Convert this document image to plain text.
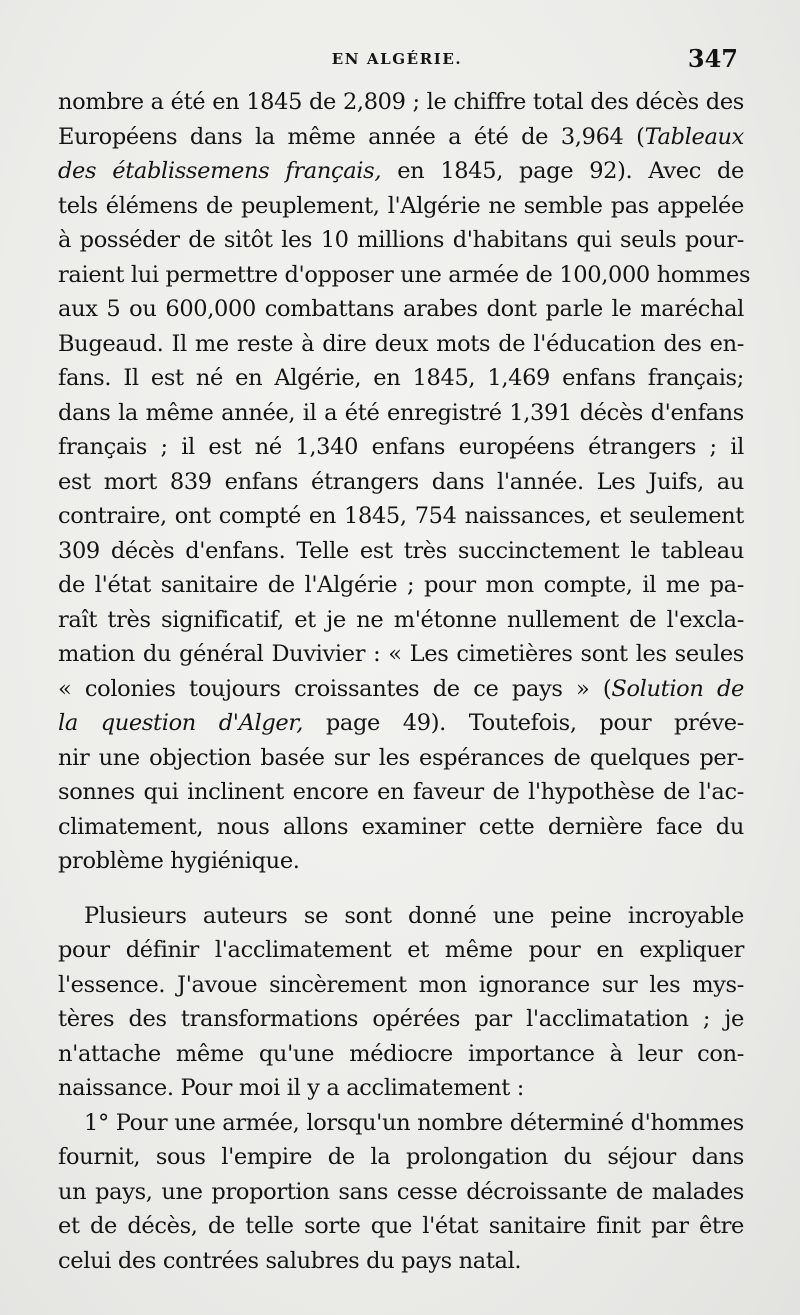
EN ALGÉRIE.	347
nombre a été en 1845 de 2,809 ; le chiffre total des décès des
Européens dans la même année a été de 3,964 (Tableaux
des établissemens français, en 1845, page 92). Avec de
tels élémens de peuplement, l'Algérie ne semble pas appelée
à posséder de sitôt les 10 millions d'habitans qui seuls pour-
raient lui permettre d'opposer une armée de 100,000 hommes
aux 5 ou 600,000 combattans arabes dont parle le maréchal
Bugeaud. Il me reste à dire deux mots de l'éducation des en-
fans. Il est né en Algérie, en 1845, 1,469 enfans français;
dans la même année, il a été enregistré 1,391 décès d'enfans
français ; il est né 1,340 enfans européens étrangers ; il
est mort 839 enfans étrangers dans l'année. Les Juifs, au
contraire, ont compté en 1845, 754 naissances, et seulement
309 décès d'enfans. Telle est très succinctement le tableau
de l'état sanitaire de l'Algérie ; pour mon compte, il me pa-
raît très significatif, et je ne m'étonne nullement de l'excla-
mation du général Duvivier : « Les cimetières sont les seules
« colonies toujours croissantes de ce pays » (Solution de
la question d'Alger, page 49). Toutefois, pour préve-
nir une objection basée sur les espérances de quelques per-
sonnes qui inclinent encore en faveur de l'hypothèse de l'ac-
climatement, nous allons examiner cette dernière face du
problème hygiénique.
Plusieurs auteurs se sont donné une peine incroyable
pour définir l'acclimatement et même pour en expliquer
l'essence. J'avoue sincèrement mon ignorance sur les mys-
tères des transformations opérées par l'acclimatation ; je
n'attache même qu'une médiocre importance à leur con-
naissance. Pour moi il y a acclimatement :
1° Pour une armée, lorsqu'un nombre déterminé d'hommes
fournit, sous l'empire de la prolongation du séjour dans
un pays, une proportion sans cesse décroissante de malades
et de décès, de telle sorte que l'état sanitaire finit par être
celui des contrées salubres du pays natal.
